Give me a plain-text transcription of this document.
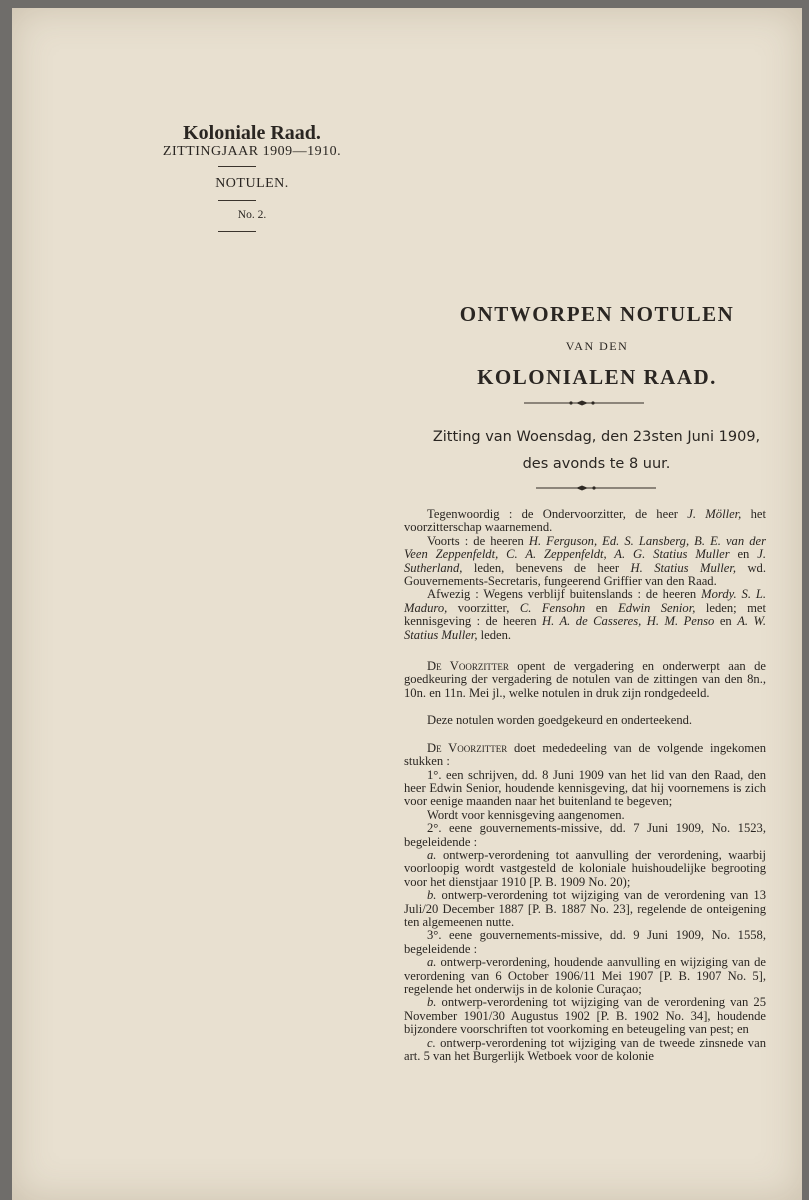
Koloniale Raad.
ZITTINGJAAR 1909—1910.
NOTULEN.
No. 2.
ONTWORPEN NOTULEN
VAN DEN
KOLONIALEN RAAD.
Zitting van Woensdag, den 23sten Juni 1909,
des avonds te 8 uur.

Tegenwoordig : de Ondervoorzitter, de heer J. Möller, het voorzitterschap waarnemend.

Voorts : de heeren H. Ferguson, Ed. S. Lansberg, B. E. van der Veen Zeppenfeldt, C. A. Zeppenfeldt, A. G. Statius Muller en J. Sutherland, leden, benevens de heer H. Statius Muller, wd. Gouvernements-Secretaris, fungeerend Griffier van den Raad.

Afwezig : Wegens verblijf buitenslands : de heeren Mordy. S. L. Maduro, voorzitter, C. Fensohn en Edwin Senior, leden; met kennisgeving : de heeren H. A. de Casseres, H. M. Penso en A. W. Statius Muller, leden.

De Voorzitter opent de vergadering en onderwerpt aan de goedkeuring der vergadering de notulen van de zittingen van den 8n., 10n. en 11n. Mei jl., welke notulen in druk zijn rondgedeeld.

Deze notulen worden goedgekeurd en onderteekend.

De Voorzitter doet mededeeling van de volgende ingekomen stukken :

1°. een schrijven, dd. 8 Juni 1909 van het lid van den Raad, den heer Edwin Senior, houdende kennisgeving, dat hij voornemens is zich voor eenige maanden naar het buitenland te begeven;

Wordt voor kennisgeving aangenomen.

2°. eene gouvernements-missive, dd. 7 Juni 1909, No. 1523, begeleidende :

a. ontwerp-verordening tot aanvulling der verordening, waarbij voorloopig wordt vastgesteld de koloniale huishoudelijke begrooting voor het dienstjaar 1910 [P. B. 1909 No. 20);

b. ontwerp-verordening tot wijziging van de verordening van 13 Juli/20 December 1887 [P. B. 1887 No. 23], regelende de onteigening ten algemeenen nutte.

3°. eene gouvernements-missive, dd. 9 Juni 1909, No. 1558, begeleidende :

a. ontwerp-verordening, houdende aanvulling en wijziging van de verordening van 6 October 1906/11 Mei 1907 [P. B. 1907 No. 5], regelende het onderwijs in de kolonie Curaçao;

b. ontwerp-verordening tot wijziging van de verordening van 25 November 1901/30 Augustus 1902 [P. B. 1902 No. 34], houdende bijzondere voorschriften tot voorkoming en beteugeling van pest; en

c. ontwerp-verordening tot wijziging van de tweede zinsnede van art. 5 van het Burgerlijk Wetboek voor de kolonie
